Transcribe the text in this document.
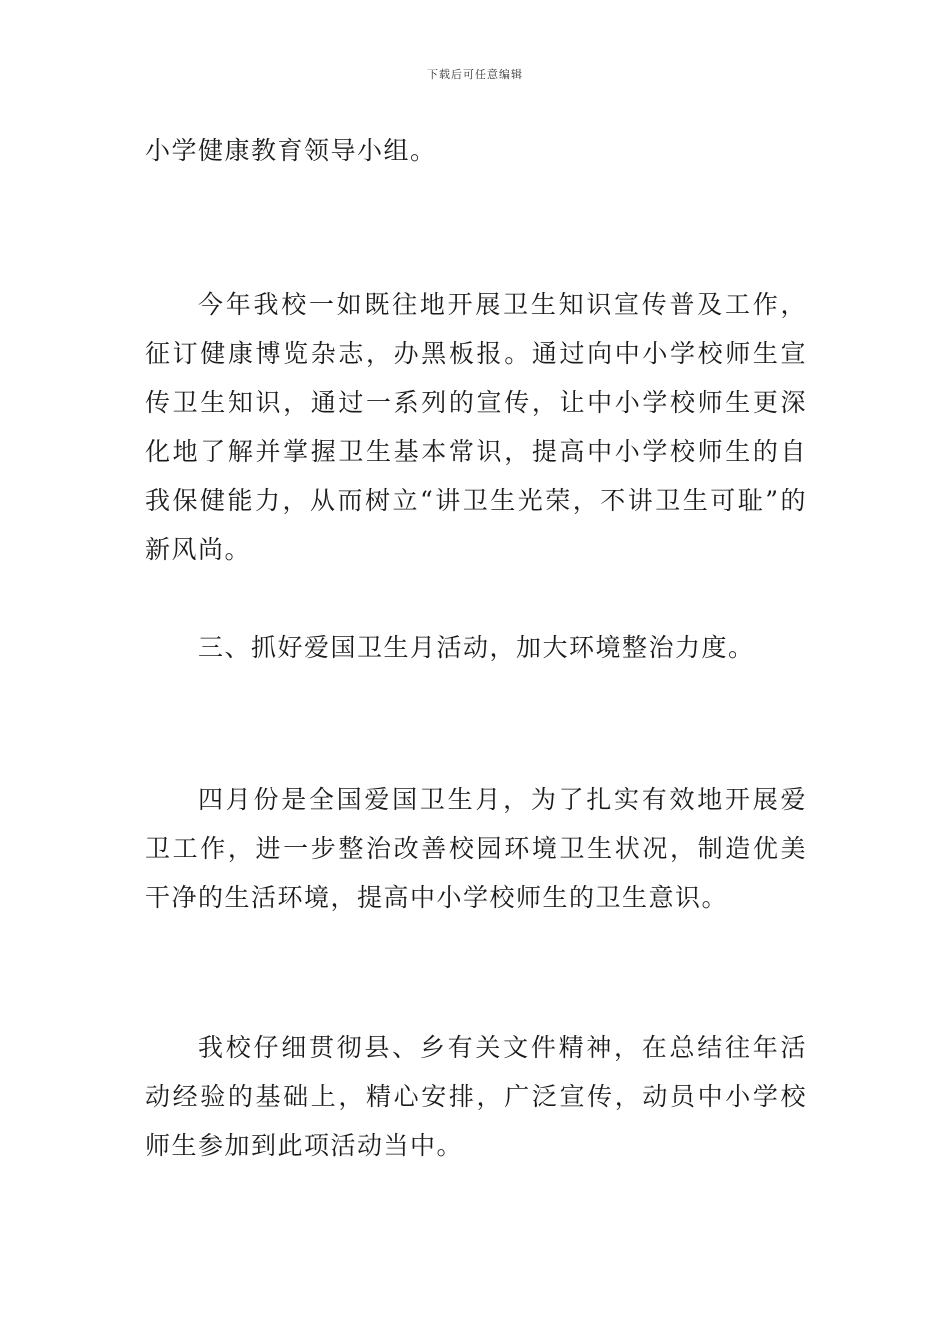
下载后可任意编辑

小学健康教育领导小组。

今年我校一如既往地开展卫生知识宣传普及工作，征订健康博览杂志，办黑板报。通过向中小学校师生宣传卫生知识，通过一系列的宣传，让中小学校师生更深化地了解并掌握卫生基本常识，提高中小学校师生的自我保健能力，从而树立“讲卫生光荣，不讲卫生可耻”的新风尚。

三、抓好爱国卫生月活动，加大环境整治力度。

四月份是全国爱国卫生月，为了扎实有效地开展爱卫工作，进一步整治改善校园环境卫生状况，制造优美干净的生活环境，提高中小学校师生的卫生意识。

我校仔细贯彻县、乡有关文件精神，在总结往年活动经验的基础上，精心安排，广泛宣传，动员中小学校师生参加到此项活动当中。
